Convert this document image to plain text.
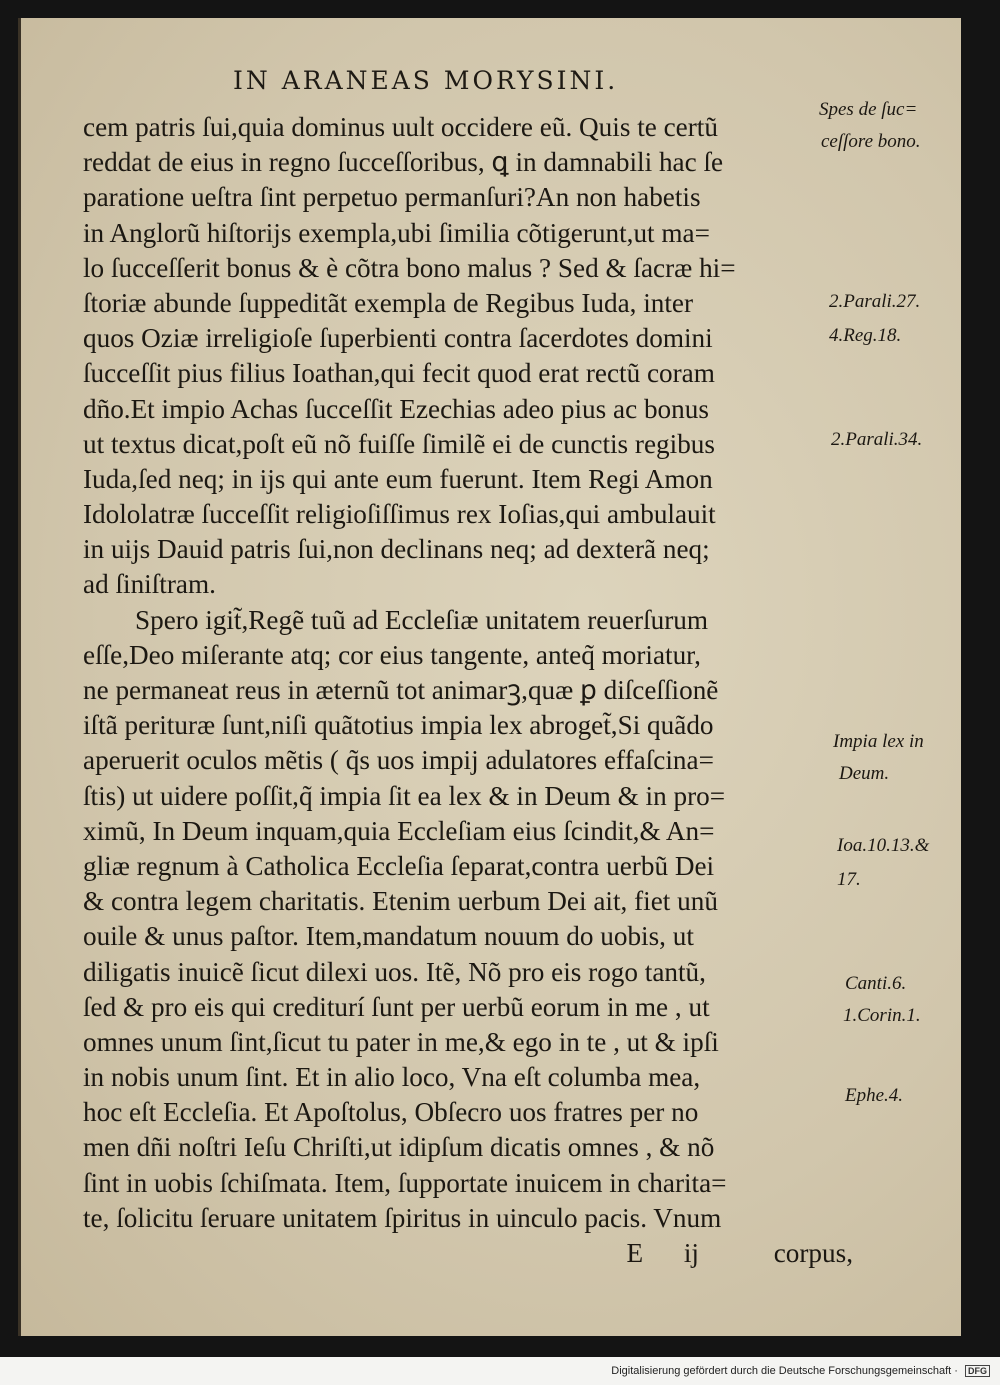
IN ARANEAS MORYSINI.
cem patris ſui,quia dominus uult occidere eũ. Quis te certũ
reddat de eius in regno ſucceſſoribus, ꝗ in damnabili hac ſe
paratione ueſtra ſint perpetuo permanſuri?An non habetis
in Anglorũ hiſtorijs exempla,ubi ſimilia cõtigerunt,ut ma=
lo ſucceſſerit bonus & è cõtra bono malus ? Sed & ſacræ hi=
ſtoriæ abunde ſuppeditãt exempla de Regibus Iuda, inter
quos Oziæ irreligioſe ſuperbienti contra ſacerdotes domini
ſucceſſit pius filius Ioathan,qui fecit quod erat rectũ coram
dño.Et impio Achas ſucceſſit Ezechias adeo pius ac bonus
ut textus dicat,poſt eũ nõ fuiſſe ſimilẽ ei de cunctis regibus
Iuda,ſed neq; in ijs qui ante eum fuerunt. Item Regi Amon
Idololatræ ſucceſſit religioſiſſimus rex Ioſias,qui ambulauit
in uijs Dauid patris ſui,non declinans neq; ad dexterã neq;
ad ſiniſtram.
Spero igit̃,Regẽ tuũ ad Eccleſiæ unitatem reuerſurum
eſſe,Deo miſerante atq; cor eius tangente, anteq̃ moriatur,
ne permaneat reus in æternũ tot animarꝫ,quæ ꝑ diſceſſionẽ
iſtã perituræ ſunt,niſi quãtotius impia lex abroget̃,Si quãdo
aperuerit oculos mẽtis ( q̃s uos impij adulatores effaſcina=
ſtis) ut uidere poſſit,q̃ impia ſit ea lex & in Deum & in pro=
ximũ, In Deum inquam,quia Eccleſiam eius ſcindit,& An=
gliæ regnum à Catholica Eccleſia ſeparat,contra uerbũ Dei
& contra legem charitatis. Etenim uerbum Dei ait, fiet unũ
ouile & unus paſtor. Item,mandatum nouum do uobis, ut
diligatis inuicẽ ſicut dilexi uos. Itẽ, Nõ pro eis rogo tantũ,
ſed & pro eis qui crediturí ſunt per uerbũ eorum in me , ut
omnes unum ſint,ſicut tu pater in me,& ego in te , ut & ipſi
in nobis unum ſint. Et in alio loco, Vna eſt columba mea,
hoc eſt Eccleſia. Et Apoſtolus, Obſecro uos fratres per no
men dñi noſtri Ieſu Chriſti,ut idipſum dicatis omnes , & nõ
ſint in uobis ſchiſmata. Item, ſupportate inuicem in charita=
te, ſolicitu ſeruare unitatem ſpiritus in uinculo pacis. Vnum
E      ij           corpus,
Spes de ſuc=
ceſſore bono.
2.Parali.27.
4.Reg.18.
2.Parali.34.
Impia lex in
Deum.
Ioa.10.13.&
17.
Canti.6.
1.Corin.1.
Ephe.4.
Digitalisierung gefördert durch die Deutsche Forschungsgemeinschaft · DFG
